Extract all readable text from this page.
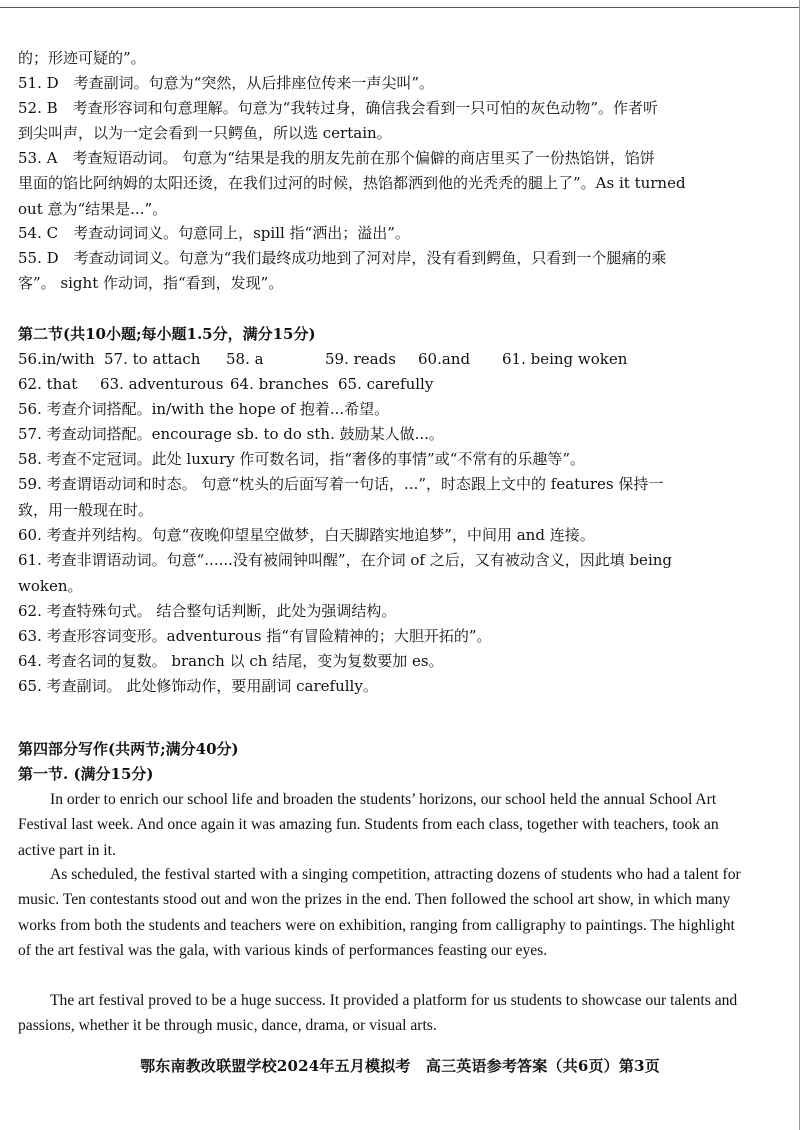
的；形迹可疑的”。
51. D　考查副词。句意为“突然，从后排座位传来一声尖叫”。
52. B　考查形容词和句意理解。句意为“我转过身，确信我会看到一只可怕的灰色动物”。作者听
到尖叫声，以为一定会看到一只鳄鱼，所以选 certain。
53. A　考查短语动词。 句意为“结果是我的朋友先前在那个偏僻的商店里买了一份热馅饼，馅饼
里面的馅比阿纳姆的太阳还烫，在我们过河的时候，热馅都洒到他的光秃秃的腿上了”。As it turned
out 意为“结果是...”。
54. C　考查动词词义。句意同上，spill 指“洒出；溢出”。
55. D　考查动词词义。句意为“我们最终成功地到了河对岸，没有看到鳄鱼，只看到一个腿痛的乘
客”。 sight 作动词，指“看到，发现”。
第二节(共10小题;每小题1.5分，满分15分)
56.in/with 57. to attach 58. a	59. reads 60.and 61. being woken
62. that 63. adventurous 64. branches 65. carefully
56. 考查介词搭配。in/with the hope of 抱着...希望。
57. 考查动词搭配。encourage sb. to do sth. 鼓励某人做...。
58. 考查不定冠词。此处 luxury 作可数名词，指“奢侈的事情”或“不常有的乐趣等”。
59. 考查谓语动词和时态。 句意“枕头的后面写着一句话，...”，时态跟上文中的 features 保持一
致，用一般现在时。
60. 考查并列结构。句意“夜晚仰望星空做梦，白天脚踏实地追梦”，中间用 and 连接。
61. 考查非谓语动词。句意“......没有被闹钟叫醒”，在介词 of 之后，又有被动含义，因此填 being
woken。
62. 考查特殊句式。 结合整句话判断，此处为强调结构。
63. 考查形容词变形。adventurous 指“有冒险精神的；大胆开拓的”。
64. 考查名词的复数。 branch 以 ch 结尾，变为复数要加 es。
65. 考查副词。 此处修饰动作，要用副词 carefully。
第四部分写作(共两节;满分40分)
第一节. (满分15分)
In order to enrich our school life and broaden the students’ horizons, our school held the annual School Art Festival last week. And once again it was amazing fun. Students from each class, together with teachers, took an active part in it.
As scheduled, the festival started with a singing competition, attracting dozens of students who had a talent for music. Ten contestants stood out and won the prizes in the end. Then followed the school art show, in which many works from both the students and teachers were on exhibition, ranging from calligraphy to paintings. The highlight of the art festival was the gala, with various kinds of performances feasting our eyes.
The art festival proved to be a huge success. It provided a platform for us students to showcase our talents and passions, whether it be through music, dance, drama, or visual arts.
鄂东南教改联盟学校2024年五月模拟考　高三英语参考答案（共6页）第3页
